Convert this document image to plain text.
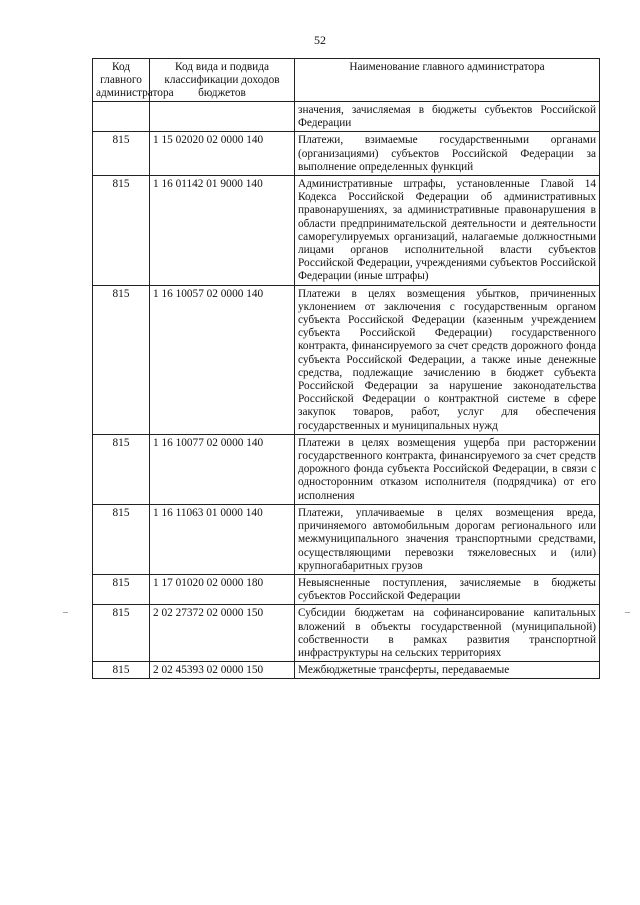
52
Код главного администратора	Код вида и подвида классификации доходов бюджетов	Наименование главного администратора
		значения, зачисляемая в бюджеты субъектов Российской Федерации
815	1 15 02020 02 0000 140	Платежи, взимаемые государственными органами (организациями) субъектов Российской Федерации за выполнение определенных функций
815	1 16 01142 01 9000 140	Административные штрафы, установленные Главой 14 Кодекса Российской Федерации об административных правонарушениях, за административные правонарушения в области предпринимательской деятельности и деятельности саморегулируемых организаций, налагаемые должностными лицами органов исполнительной власти субъектов Российской Федерации, учреждениями субъектов Российской Федерации (иные штрафы)
815	1 16 10057 02 0000 140	Платежи в целях возмещения убытков, причиненных уклонением от заключения с государственным органом субъекта Российской Федерации (казенным учреждением субъекта Российской Федерации) государственного контракта, финансируемого за счет средств дорожного фонда субъекта Российской Федерации, а также иные денежные средства, подлежащие зачислению в бюджет субъекта Российской Федерации за нарушение законодательства Российской Федерации о контрактной системе в сфере закупок товаров, работ, услуг для обеспечения государственных и муниципальных нужд
815	1 16 10077 02 0000 140	Платежи в целях возмещения ущерба при расторжении государственного контракта, финансируемого за счет средств дорожного фонда субъекта Российской Федерации, в связи с односторонним отказом исполнителя (подрядчика) от его исполнения
815	1 16 11063 01 0000 140	Платежи, уплачиваемые в целях возмещения вреда, причиняемого автомобильным дорогам регионального или межмуниципального значения транспортными средствами, осуществляющими перевозки тяжеловесных и (или) крупногабаритных грузов
815	1 17 01020 02 0000 180	Невыясненные поступления, зачисляемые в бюджеты субъектов Российской Федерации
815	2 02 27372 02 0000 150	Субсидии бюджетам на софинансирование капитальных вложений в объекты государственной (муниципальной) собственности в рамках развития транспортной инфраструктуры на сельских территориях
815	2 02 45393 02 0000 150	Межбюджетные трансферты, передаваемые
–	–
